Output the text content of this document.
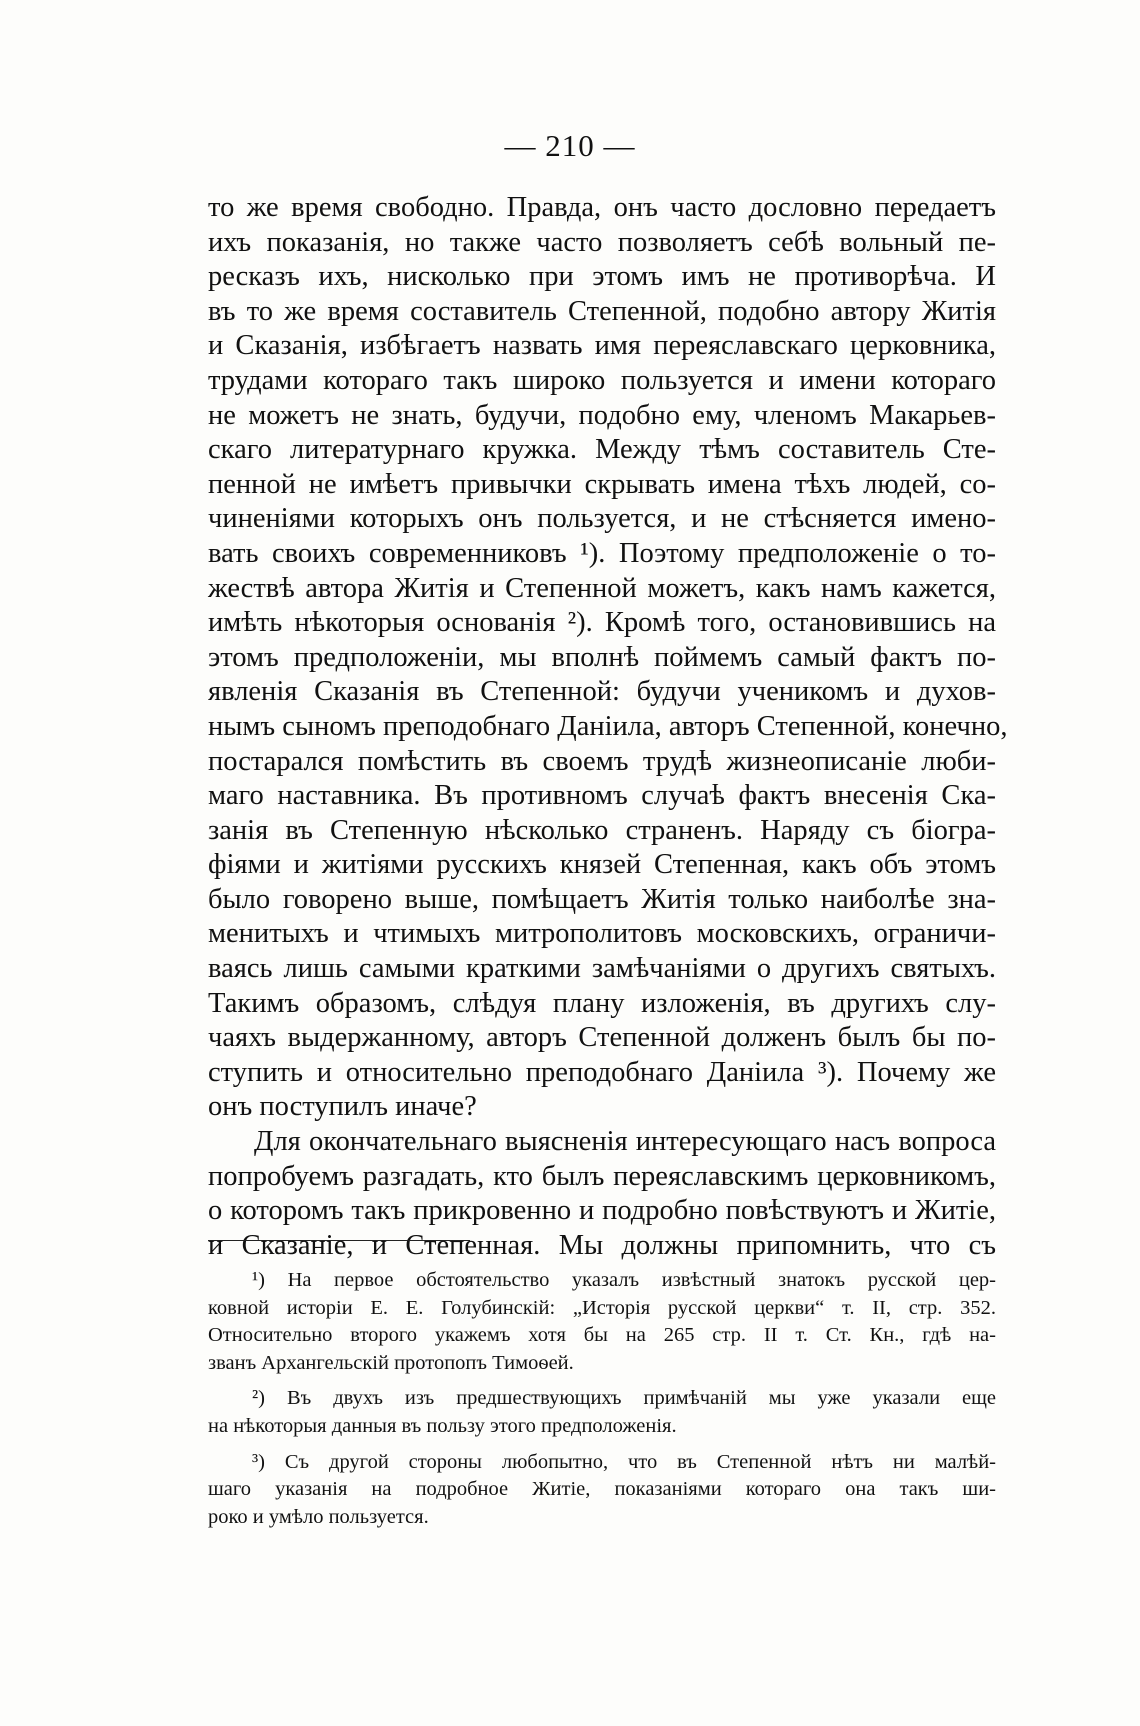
— 210 —
то же время свободно. Правда, онъ часто дословно передаетъ
ихъ показанія, но также часто позволяетъ себѣ вольный пе-
ресказъ ихъ, нисколько при этомъ имъ не противорѣча. И
въ то же время составитель Степенной, подобно автору Житія
и Сказанія, избѣгаетъ назвать имя переяславскаго церковника,
трудами котораго такъ широко пользуется и имени котораго
не можетъ не знать, будучи, подобно ему, членомъ Макарьев-
скаго литературнаго кружка. Между тѣмъ составитель Сте-
пенной не имѣетъ привычки скрывать имена тѣхъ людей, со-
чиненіями которыхъ онъ пользуется, и не стѣсняется имено-
вать своихъ современниковъ ¹). Поэтому предположеніе о то-
жествѣ автора Житія и Степенной можетъ, какъ намъ кажется,
имѣть нѣкоторыя основанія ²). Кромѣ того, остановившись на
этомъ предположеніи, мы вполнѣ поймемъ самый фактъ по-
явленія Сказанія въ Степенной: будучи ученикомъ и духов-
нымъ сыномъ преподобнаго Даніила, авторъ Степенной, конечно,
постарался помѣстить въ своемъ трудѣ жизнеописаніе люби-
маго наставника. Въ противномъ случаѣ фактъ внесенія Ска-
занія въ Степенную нѣсколько страненъ. Наряду съ біогра-
фіями и житіями русскихъ князей Степенная, какъ объ этомъ
было говорено выше, помѣщаетъ Житія только наиболѣе зна-
менитыхъ и чтимыхъ митрополитовъ московскихъ, ограничи-
ваясь лишь самыми краткими замѣчаніями о другихъ святыхъ.
Такимъ образомъ, слѣдуя плану изложенія, въ другихъ слу-
чаяхъ выдержанному, авторъ Степенной долженъ былъ бы по-
ступить и относительно преподобнаго Даніила ³). Почему же
онъ поступилъ иначе?
Для окончательнаго выясненія интересующаго насъ вопроса
попробуемъ разгадать, кто былъ переяславскимъ церковникомъ,
о которомъ такъ прикровенно и подробно повѣствуютъ и Житіе,
и Сказаніе, и Степенная. Мы должны припомнить, что съ
¹) На первое обстоятельство указалъ извѣстный знатокъ русской цер-
ковной исторіи Е. Е. Голубинскій: „Исторія русской церкви“ т. II, стр. 352.
Относительно второго укажемъ хотя бы на 265 стр. II т. Ст. Кн., гдѣ на-
званъ Архангельскій протопопъ Тимоѳей.
²) Въ двухъ изъ предшествующихъ примѣчаній мы уже указали еще
на нѣкоторыя данныя въ пользу этого предположенія.
³) Съ другой стороны любопытно, что въ Степенной нѣтъ ни малѣй-
шаго указанія на подробное Житіе, показаніями котораго она такъ ши-
роко и умѣло пользуется.
